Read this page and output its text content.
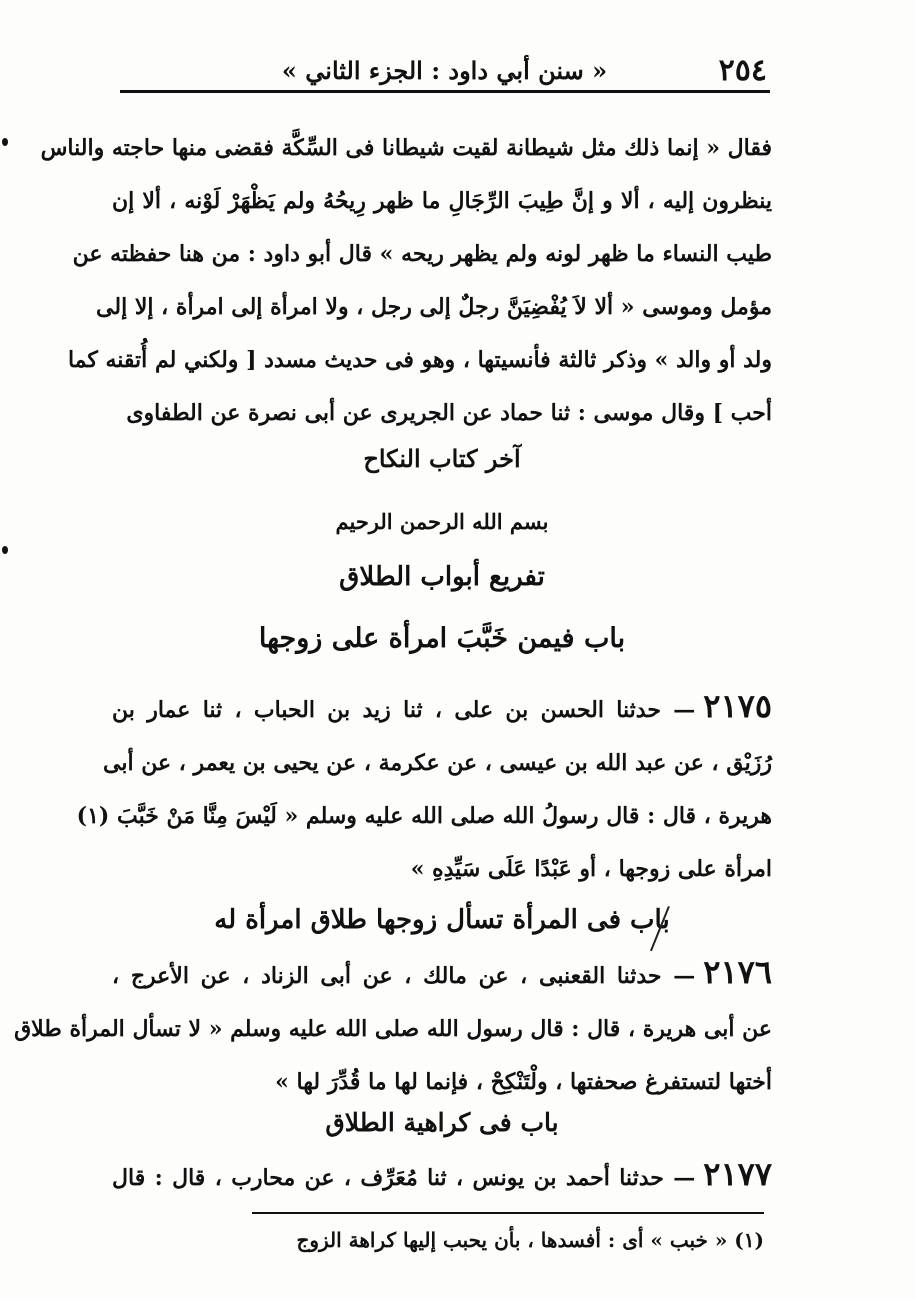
٢٥٤
« سنن أبي داود : الجزء الثاني »
فقال « إنما ذلك مثل شيطانة لقيت شيطانا فى السِّكَّة فقضى منها حاجته والناس
ينظرون إليه ، ألا و إنَّ طِيبَ الرِّجَالِ ما ظهر رِيحُهُ ولم يَظْهَرْ لَوْنه ، ألا إن
طيب النساء ما ظهر لونه ولم يظهر ريحه » قال أبو داود : من هنا حفظته عن
مؤمل وموسى « ألا لاَ يُفْضِيَنَّ رجلٌ إلى رجل ، ولا امرأة إلى امرأة ، إلا إلى
ولد أو والد » وذكر ثالثة فأنسيتها ، وهو فى حديث مسدد [ ولكني لم أُتقنه كما
أحب ] وقال موسى : ثنا حماد عن الجريرى عن أبى نصرة عن الطفاوى
آخر كتاب النكاح
بسم الله الرحمن الرحيم
تفريع أبواب الطلاق
باب فيمن خَبَّبَ امرأة على زوجها
٢١٧٥— حدثنا الحسن بن على ، ثنا زيد بن الحباب ، ثنا عمار بن
رُزَيْق ، عن عبد الله بن عيسى ، عن عكرمة ، عن يحيى بن يعمر ، عن أبى
هريرة ، قال : قال رسولُ الله صلى الله عليه وسلم « لَيْسَ مِنَّا مَنْ خَبَّبَ (١)
امرأة على زوجها ، أو عَبْدًا عَلَى سَيِّدِهِ »
باب فى المرأة تسأل زوجها طلاق امرأة له
٢١٧٦— حدثنا القعنبى ، عن مالك ، عن أبى الزناد ، عن الأعرج ،
عن أبى هريرة ، قال : قال رسول الله صلى الله عليه وسلم « لا تسأل المرأة طلاق
أختها لتستفرغ صحفتها ، ولْتَنْكِحْ ، فإنما لها ما قُدِّرَ لها »
باب فى كراهية الطلاق
٢١٧٧— حدثنا أحمد بن يونس ، ثنا مُعَرِّف ، عن محارب ، قال : قال
(١) « خبب » أى : أفسدها ، بأن يحبب إليها كراهة الزوج
